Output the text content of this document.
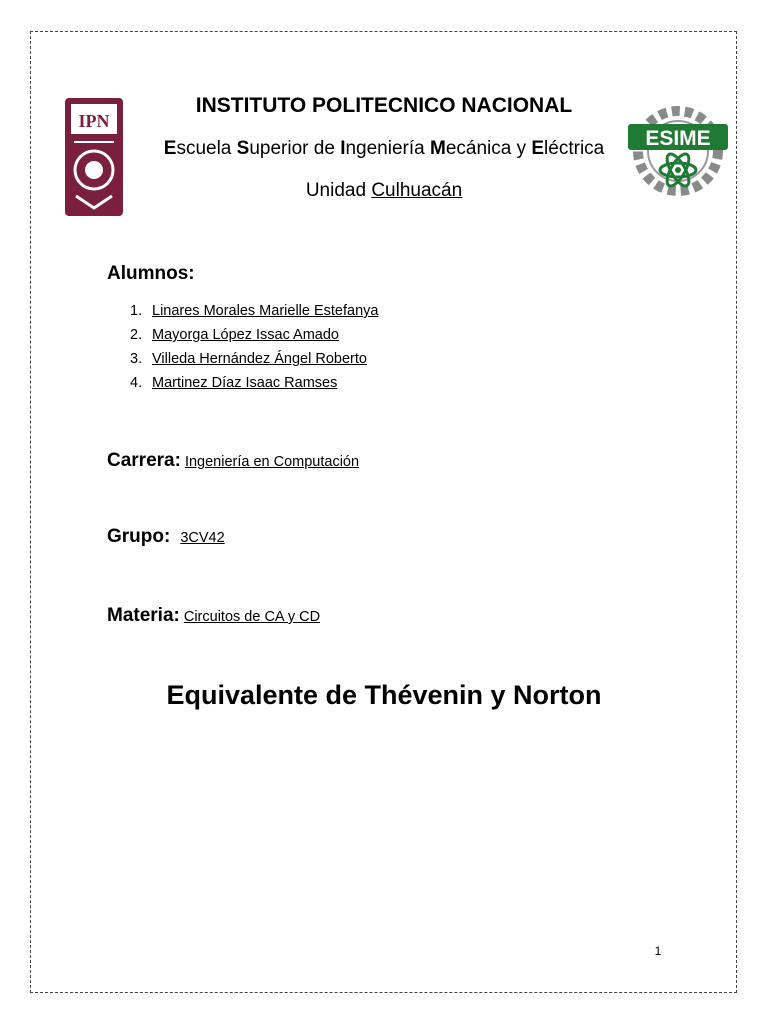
IPN
ESIME
INSTITUTO POLITECNICO NACIONAL
Escuela Superior de Ingeniería Mecánica y Eléctrica
Unidad Culhuacán
Alumnos:
1. Linares Morales Marielle Estefanya
2. Mayorga López Issac Amado
3. Villeda Hernández Ángel Roberto
4. Martinez Díaz Isaac Ramses
Carrera: Ingeniería en Computación
Grupo: 3CV42
Materia: Circuitos de CA y CD
Equivalente de Thévenin y Norton
1
